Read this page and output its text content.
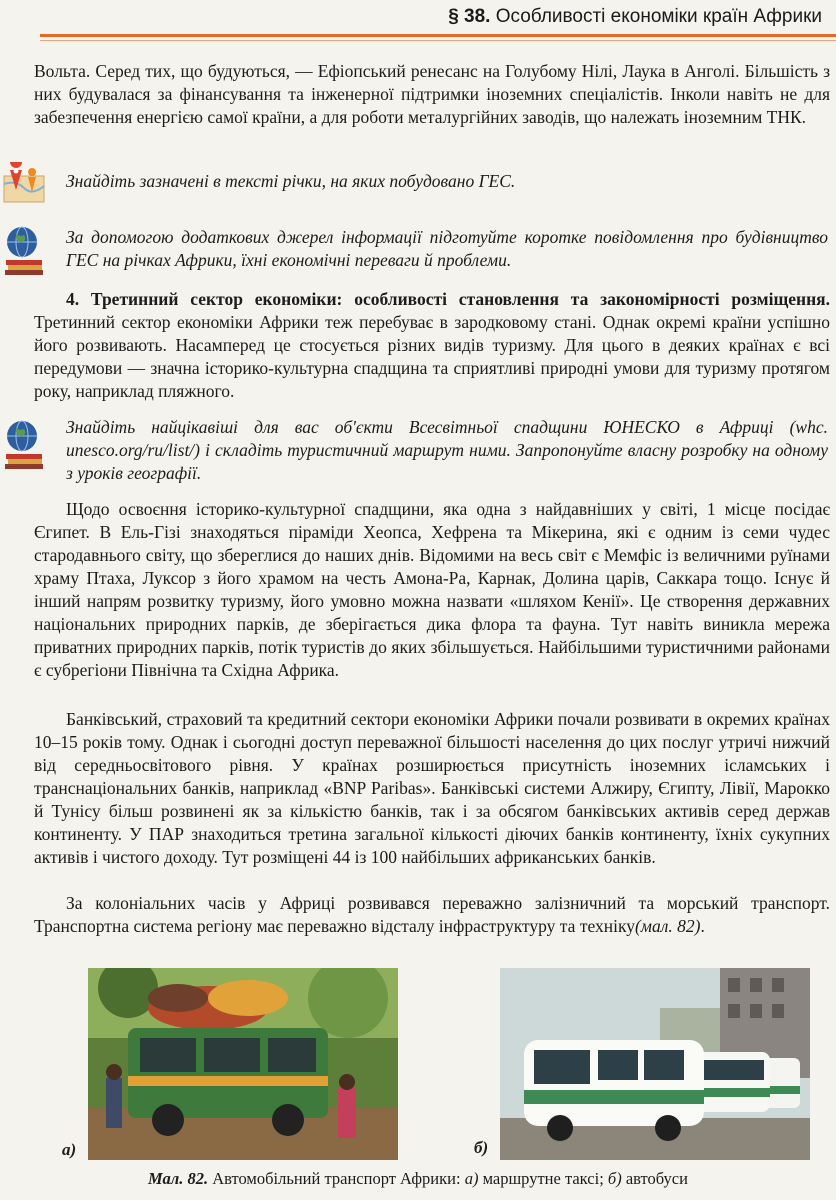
§ 38. Особливості економіки країн Африки

Вольта. Серед тих, що будуються, — Ефіопський ренесанс на Голубому Нілі, Лаука в Анголі. Більшість з них будувалася за фінансування та інженерної підтримки іноземних спеціалістів. Інколи навіть не для забезпечення енергією самої країни, а для роботи металургійних заводів, що належать іноземним ТНК.

Знайдіть зазначені в тексті річки, на яких побудовано ГЕС.
За допомогою додаткових джерел інформації підготуйте коротке повідомлення про будівництво ГЕС на річках Африки, їхні економічні переваги й проблеми.

4. Третинний сектор економіки: особливості становлення та закономірності розміщення. Третинний сектор економіки Африки теж перебуває в зародковому стані. Однак окремі країни успішно його розвивають. Насамперед це стосується різних видів туризму. Для цього в деяких країнах є всі передумови — значна історико-культурна спадщина та сприятливі природні умови для туризму протягом року, наприклад пляжного.

Знайдіть найцікавіші для вас об'єкти Всесвітньої спадщини ЮНЕСКО в Африці (whc. unesco.org/ru/list/) і складіть туристичний маршрут ними. Запропонуйте власну розробку на одному з уроків географії.

Щодо освоєння історико-культурної спадщини, яка одна з найдавніших у світі, 1 місце посідає Єгипет. В Ель-Гізі знаходяться піраміди Хеопса, Хефрена та Мікерина, які є одним із семи чудес стародавнього світу, що збереглися до наших днів. Відомими на весь світ є Мемфіс із величними руїнами храму Птаха, Луксор з його храмом на честь Амона-Ра, Карнак, Долина царів, Саккара тощо. Існує й інший напрям розвитку туризму, його умовно можна назвати «шляхом Кенії». Це створення державних національних природних парків, де зберігається дика флора та фауна. Тут навіть виникла мережа приватних природних парків, потік туристів до яких збільшується. Найбільшими туристичними районами є субрегіони Північна та Східна Африка.

Банківський, страховий та кредитний сектори економіки Африки почали розвивати в окремих країнах 10–15 років тому. Однак і сьогодні доступ переважної більшості населення до цих послуг утричі нижчий від середньосвітового рівня. У країнах розширюється присутність іноземних ісламських і транснаціональних банків, наприклад «BNP Paribas». Банківські системи Алжиру, Єгипту, Лівії, Марокко й Тунісу більш розвинені як за кількістю банків, так і за обсягом банківських активів серед держав континенту. У ПАР знаходиться третина загальної кількості діючих банків континенту, їхніх сукупних активів і чистого доходу. Тут розміщені 44 із 100 найбільших африканських банків.

За колоніальних часів у Африці розвивався переважно залізничний та морський транспорт. Транспортна система регіону має переважно відсталу інфраструктуру та техніку(мал. 82).

а)	б)
Мал. 82. Автомобільний транспорт Африки: а) маршрутне таксі; б) автобуси
